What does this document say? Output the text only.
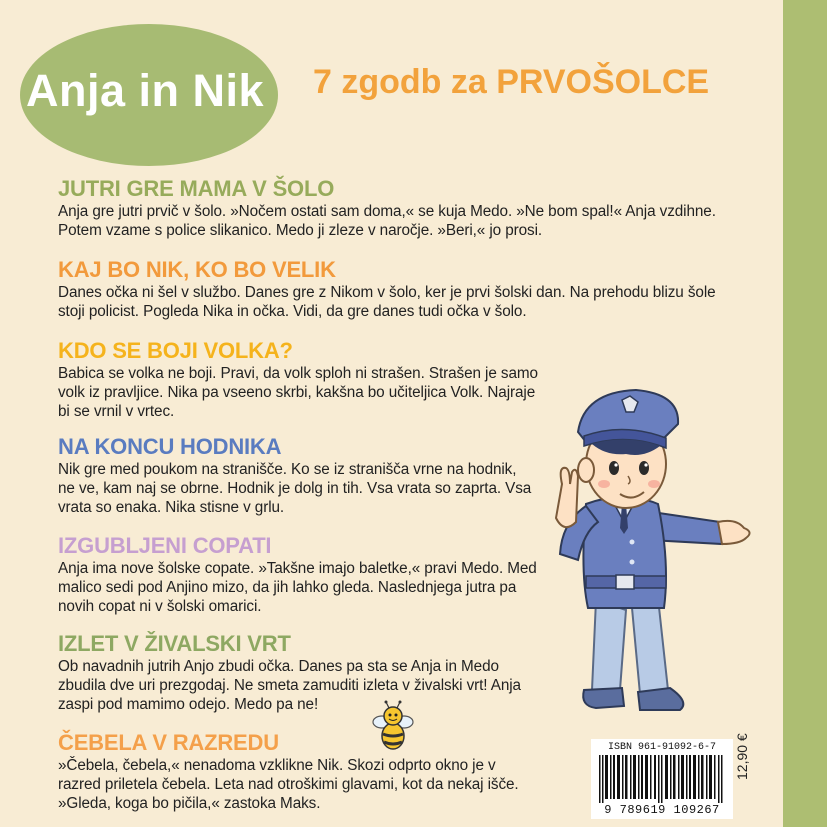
Anja in Nik 7 zgodb za PRVOŠOLCE
JUTRI GRE MAMA V ŠOLO

Anja gre jutri prvič v šolo. »Nočem ostati sam doma,« se kuja Medo. »Ne bom spal!« Anja vzdihne.
Potem vzame s police slikanico. Medo ji zleze v naročje. »Beri,« jo prosi.

KAJ BO NIK, KO BO VELIK

Danes očka ni šel v službo. Danes gre z Nikom v šolo, ker je prvi šolski dan. Na prehodu blizu šole
stoji policist. Pogleda Nika in očka. Vidi, da gre danes tudi očka v šolo.

KDO SE BOJI VOLKA?

Babica se volka ne boji. Pravi, da volk sploh ni strašen. Strašen je samo
volk iz pravljice. Nika pa vseeno skrbi, kakšna bo učiteljica Volk. Najraje
bi se vrnil v vrtec.

NA KONCU HODNIKA

Nik gre med poukom na stranišče. Ko se iz stranišča vrne na hodnik,
ne ve, kam naj se obrne. Hodnik je dolg in tih. Vsa vrata so zaprta. Vsa
vrata so enaka. Nika stisne v grlu.

IZGUBLJENI COPATI

Anja ima nove šolske copate. »Takšne imajo baletke,« pravi Medo. Med
malico sedi pod Anjino mizo, da jih lahko gleda. Naslednjega jutra pa
novih copat ni v šolski omarici.

IZLET V ŽIVALSKI VRT

Ob navadnih jutrih Anjo zbudi očka. Danes pa sta se Anja in Medo
zbudila dve uri prezgodaj. Ne smeta zamuditi izleta v živalski vrt! Anja
zaspi pod mamimo odejo. Medo pa ne!

ČEBELA V RAZREDU

»Čebela, čebela,« nenadoma vzklikne Nik. Skozi odprto okno je v
razred priletela čebela. Leta nad otroškimi glavami, kot da nekaj išče.
»Gleda, koga bo pičila,« zastoka Maks.

ISBN 961-91092-6-7
9 789619 109267
12,90 €
